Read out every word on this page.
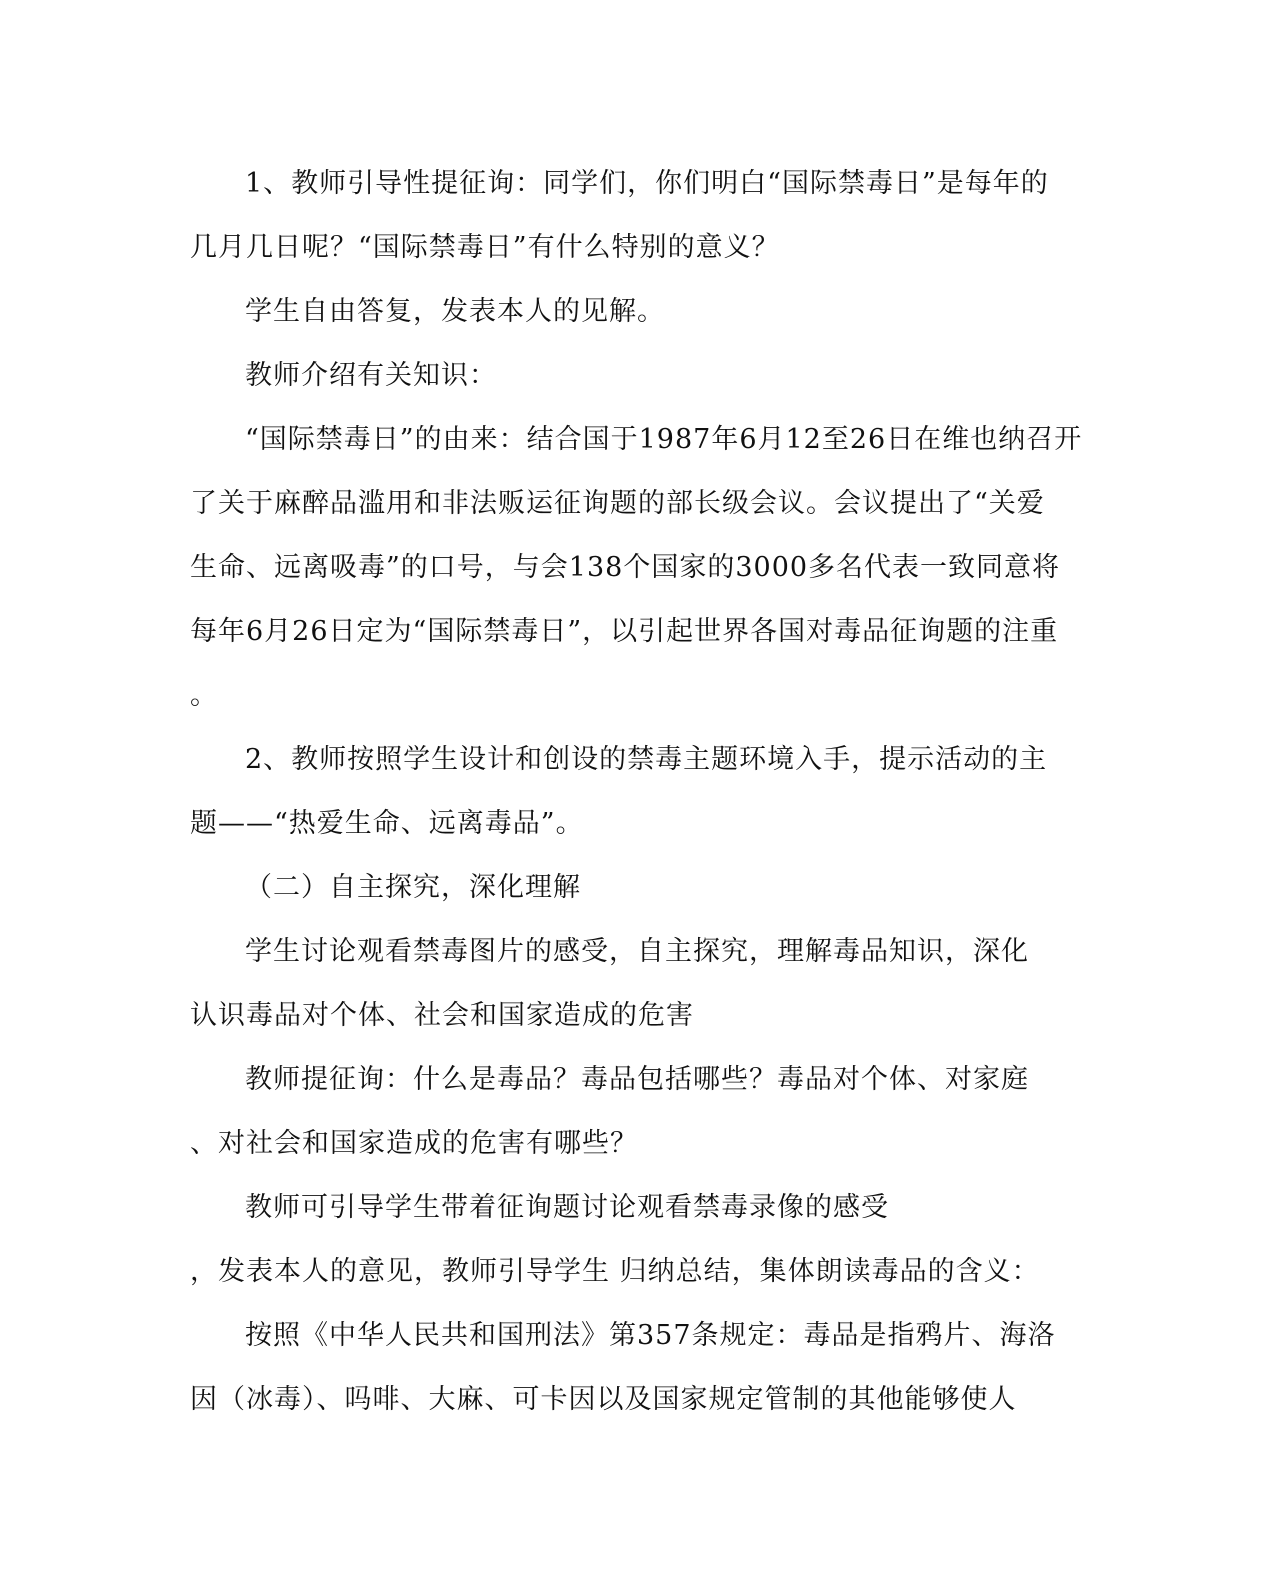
1、教师引导性提征询：同学们，你们明白“国际禁毒日”是每年的
几月几日呢？“国际禁毒日”有什么特别的意义？
学生自由答复，发表本人的见解。
教师介绍有关知识：
“国际禁毒日”的由来：结合国于1987年6月12至26日在维也纳召开
了关于麻醉品滥用和非法贩运征询题的部长级会议。会议提出了“关爱
生命、远离吸毒”的口号，与会138个国家的3000多名代表一致同意将
每年6月26日定为“国际禁毒日”，以引起世界各国对毒品征询题的注重
。
2、教师按照学生设计和创设的禁毒主题环境入手，提示活动的主
题——“热爱生命、远离毒品”。
（二）自主探究，深化理解
学生讨论观看禁毒图片的感受，自主探究，理解毒品知识，深化
认识毒品对个体、社会和国家造成的危害
教师提征询：什么是毒品？毒品包括哪些？毒品对个体、对家庭
、对社会和国家造成的危害有哪些？
教师可引导学生带着征询题讨论观看禁毒录像的感受
，发表本人的意见，教师引导学生 归纳总结，集体朗读毒品的含义：
按照《中华人民共和国刑法》第357条规定：毒品是指鸦片、海洛
因（冰毒）、吗啡、大麻、可卡因以及国家规定管制的其他能够使人
